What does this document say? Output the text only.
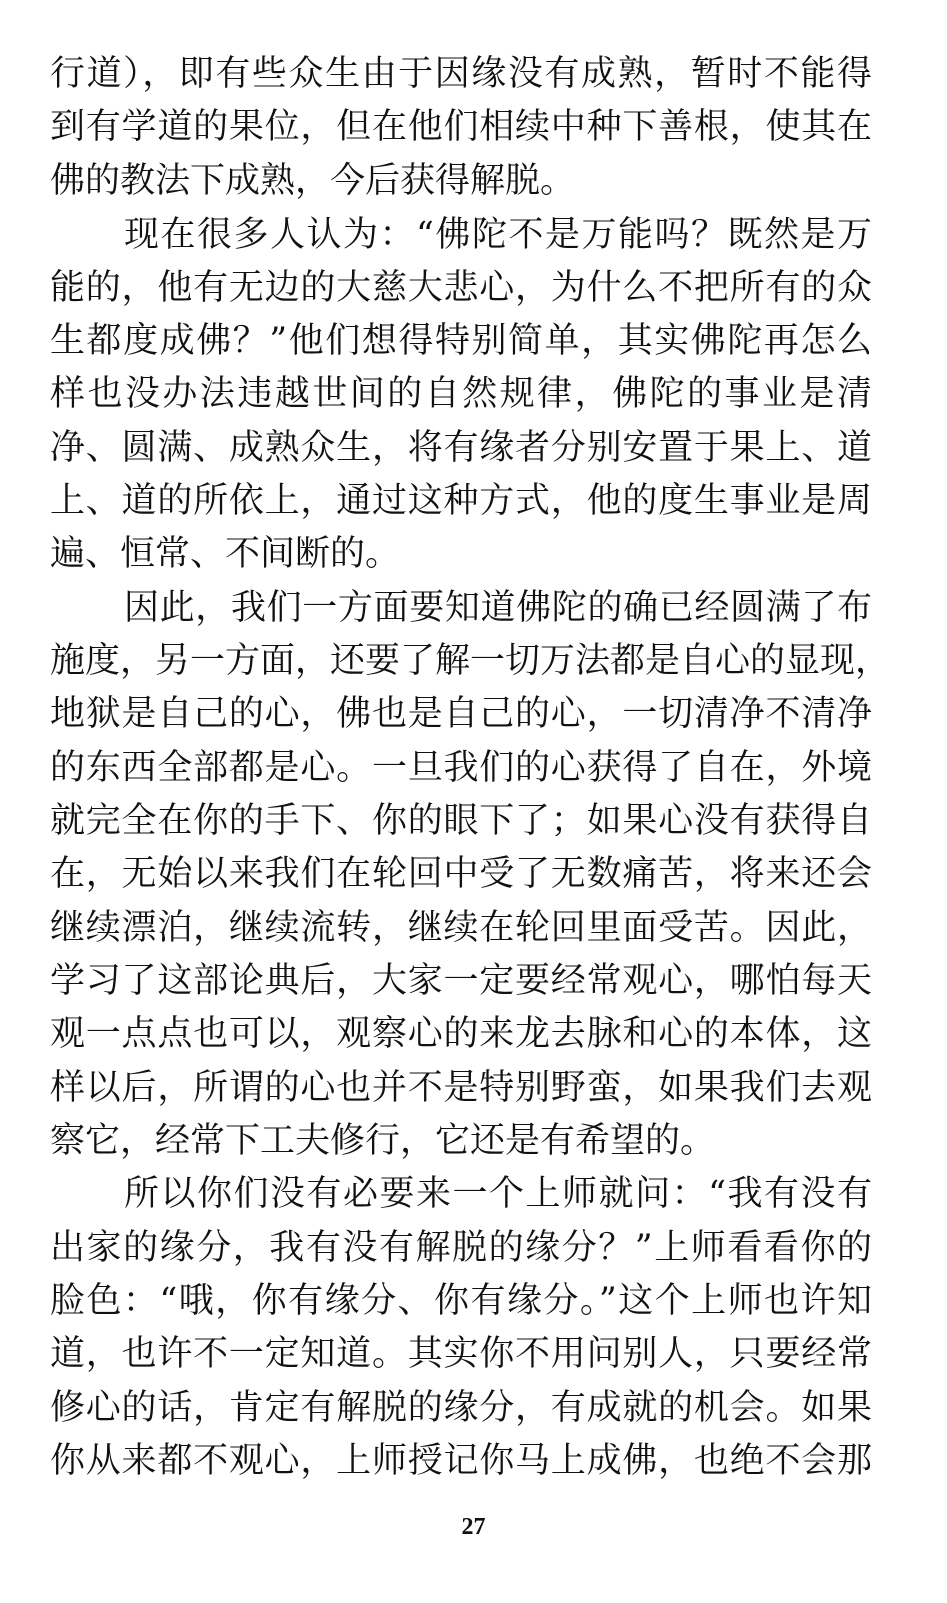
行道），即有些众生由于因缘没有成熟，暂时不能得
到有学道的果位，但在他们相续中种下善根，使其在
佛的教法下成熟，今后获得解脱。
现在很多人认为：“佛陀不是万能吗？既然是万
能的，他有无边的大慈大悲心，为什么不把所有的众
生都度成佛？”他们想得特别简单，其实佛陀再怎么
样也没办法违越世间的自然规律，佛陀的事业是清
净、圆满、成熟众生，将有缘者分别安置于果上、道
上、道的所依上，通过这种方式，他的度生事业是周
遍、恒常、不间断的。
因此，我们一方面要知道佛陀的确已经圆满了布
施度，另一方面，还要了解一切万法都是自心的显现，
地狱是自己的心，佛也是自己的心，一切清净不清净
的东西全部都是心。一旦我们的心获得了自在，外境
就完全在你的手下、你的眼下了；如果心没有获得自
在，无始以来我们在轮回中受了无数痛苦，将来还会
继续漂泊，继续流转，继续在轮回里面受苦。因此，
学习了这部论典后，大家一定要经常观心，哪怕每天
观一点点也可以，观察心的来龙去脉和心的本体，这
样以后，所谓的心也并不是特别野蛮，如果我们去观
察它，经常下工夫修行，它还是有希望的。
所以你们没有必要来一个上师就问：“我有没有
出家的缘分，我有没有解脱的缘分？”上师看看你的
脸色：“哦，你有缘分、你有缘分。”这个上师也许知
道，也许不一定知道。其实你不用问别人，只要经常
修心的话，肯定有解脱的缘分，有成就的机会。如果
你从来都不观心，上师授记你马上成佛，也绝不会那
27
